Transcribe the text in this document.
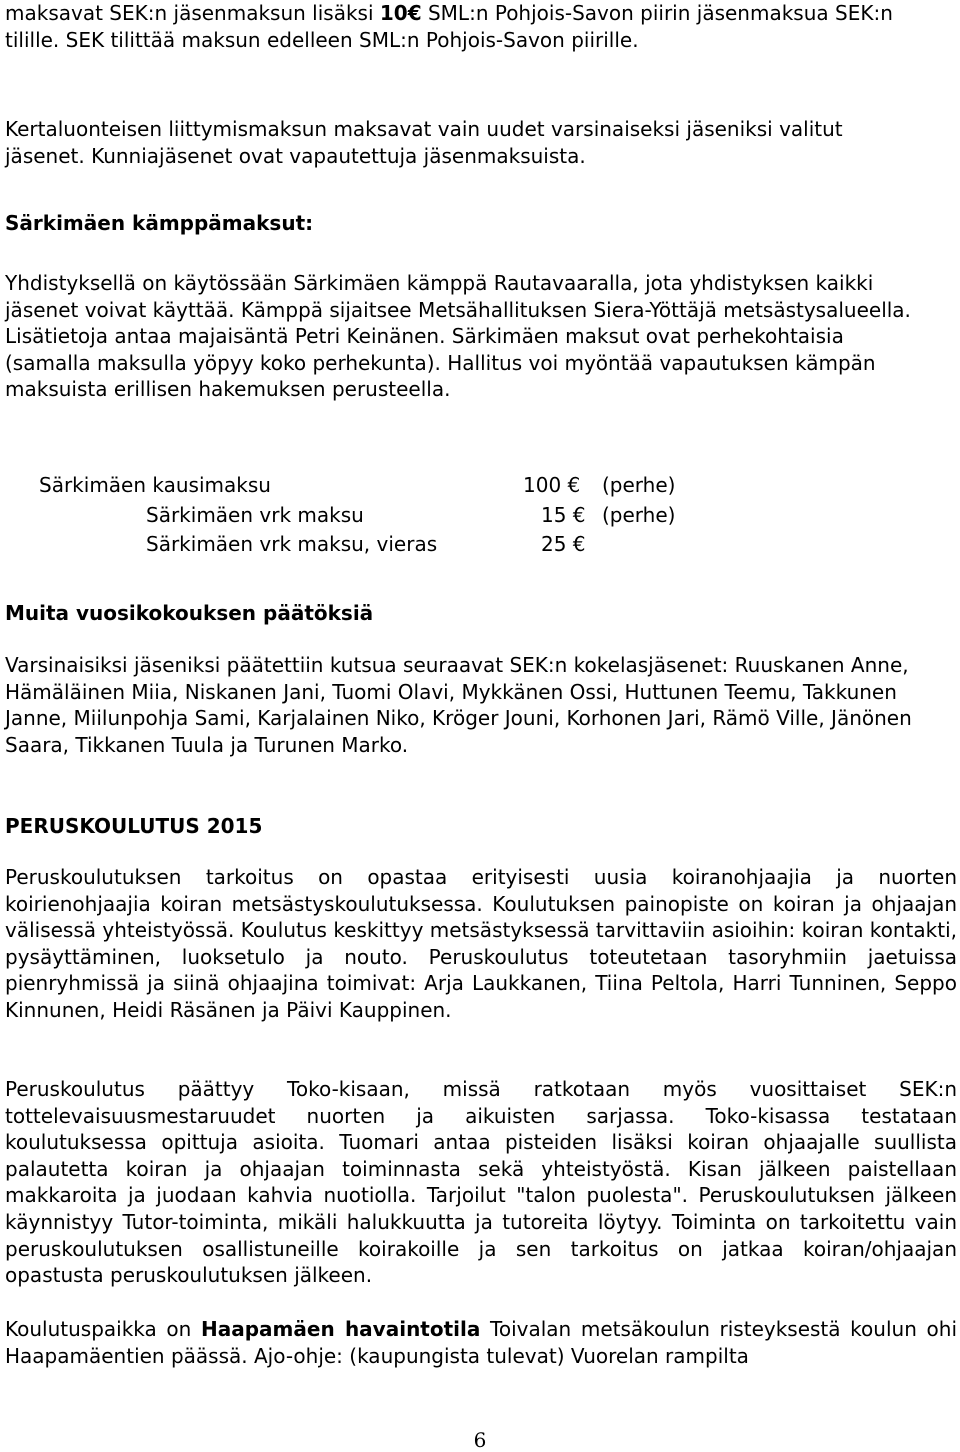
maksavat SEK:n jäsenmaksun lisäksi 10€ SML:n Pohjois-Savon piirin jäsenmaksua SEK:n tilille. SEK tilittää maksun edelleen SML:n Pohjois-Savon piirille.

Kertaluonteisen liittymismaksun maksavat vain uudet varsinaiseksi jäseniksi valitut jäsenet. Kunniajäsenet ovat vapautettuja jäsenmaksuista.

Särkimäen kämppämaksut:

Yhdistyksellä on käytössään Särkimäen kämppä Rautavaaralla, jota yhdistyksen kaikki jäsenet voivat käyttää. Kämppä sijaitsee Metsähallituksen Siera-Yöttäjä metsästysalueella. Lisätietoja antaa majaisäntä Petri Keinänen. Särkimäen maksut ovat perhekohtaisia (samalla maksulla yöpyy koko perhekunta). Hallitus voi myöntää vapautuksen kämpän maksuista erillisen hakemuksen perusteella.

Särkimäen kausimaksu	100 € (perhe)
Särkimäen vrk maksu	15 € (perhe)
Särkimäen vrk maksu, vieras	25 €

Muita vuosikokouksen päätöksiä

Varsinaisiksi jäseniksi päätettiin kutsua seuraavat SEK:n kokelasjäsenet: Ruuskanen Anne, Hämäläinen Miia, Niskanen Jani, Tuomi Olavi, Mykkänen Ossi, Huttunen Teemu, Takkunen Janne, Miilunpohja Sami, Karjalainen Niko, Kröger Jouni, Korhonen Jari, Rämö Ville, Jänönen Saara, Tikkanen Tuula ja Turunen Marko.

PERUSKOULUTUS 2015

Peruskoulutuksen tarkoitus on opastaa erityisesti uusia koiranohjaajia ja nuorten koirienohjaajia koiran metsästyskoulutuksessa. Koulutuksen painopiste on koiran ja ohjaajan välisessä yhteistyössä. Koulutus keskittyy metsästyksessä tarvittaviin asioihin: koiran kontakti, pysäyttäminen, luoksetulo ja nouto. Peruskoulutus toteutetaan tasoryhmiin jaetuissa pienryhmissä ja siinä ohjaajina toimivat: Arja Laukkanen, Tiina Peltola, Harri Tunninen, Seppo Kinnunen, Heidi Räsänen ja Päivi Kauppinen.

Peruskoulutus päättyy Toko-kisaan, missä ratkotaan myös vuosittaiset SEK:n tottelevaisuusmestaruudet nuorten ja aikuisten sarjassa. Toko-kisassa testataan koulutuksessa opittuja asioita. Tuomari antaa pisteiden lisäksi koiran ohjaajalle suullista palautetta koiran ja ohjaajan toiminnasta sekä yhteistyöstä. Kisan jälkeen paistellaan makkaroita ja juodaan kahvia nuotiolla. Tarjoilut "talon puolesta". Peruskoulutuksen jälkeen käynnistyy Tutor-toiminta, mikäli halukkuutta ja tutoreita löytyy. Toiminta on tarkoitettu vain peruskoulutuksen osallistuneille koirakoille ja sen tarkoitus on jatkaa koiran/ohjaajan opastusta peruskoulutuksen jälkeen.

Koulutuspaikka on Haapamäen havaintotila Toivalan metsäkoulun risteyksestä koulun ohi Haapamäentien päässä. Ajo-ohje: (kaupungista tulevat) Vuorelan rampilta

6
